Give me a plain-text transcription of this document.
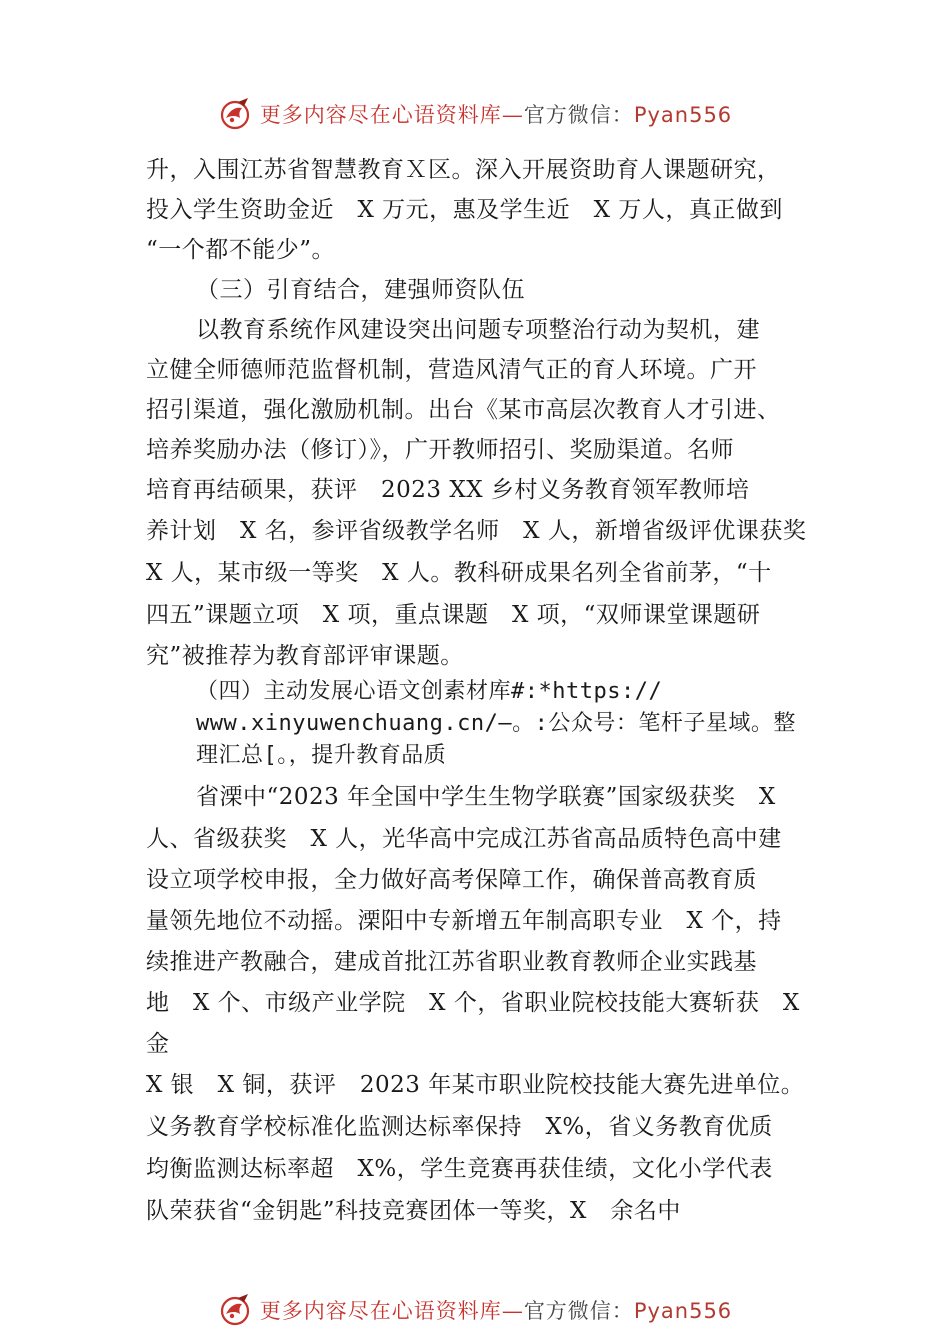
更多内容尽在心语资料库—官方微信：Pyan556
升，入围江苏省智慧教育Ｘ区。深入开展资助育人课题研究，
投入学生资助金近　X 万元，惠及学生近　X 万人，真正做到
“一个都不能少”。
（三）引育结合，建强师资队伍
以教育系统作风建设突出问题专项整治行动为契机，建
立健全师德师范监督机制，营造风清气正的育人环境。广开
招引渠道，强化激励机制。出台《某市高层次教育人才引进、
培养奖励办法（修订）》，广开教师招引、奖励渠道。名师
培育再结硕果，获评　2023 XX 乡村义务教育领军教师培
养计划　X 名，参评省级教学名师　X 人，新增省级评优课获奖
X 人，某市级一等奖　X 人。教科研成果名列全省前茅，“十
四五”课题立项　X 项，重点课题　X 项，“双师课堂课题研
究”被推荐为教育部评审课题。
（四）主动发展心语文创素材库#:*https://
www.xinyuwenchuang.cn/—。:公众号：笔杆子星域。整
理汇总[。，提升教育品质
省溧中“2023 年全国中学生生物学联赛”国家级获奖　X
人、省级获奖　X 人，光华高中完成江苏省高品质特色高中建
设立项学校申报，全力做好高考保障工作，确保普高教育质
量领先地位不动摇。溧阳中专新增五年制高职专业　X 个，持
续推进产教融合，建成首批江苏省职业教育教师企业实践基
地　X 个、市级产业学院　X 个，省职业院校技能大赛斩获　X
金
X 银　X 铜，获评　2023 年某市职业院校技能大赛先进单位。
义务教育学校标准化监测达标率保持　X%，省义务教育优质
均衡监测达标率超　X%，学生竞赛再获佳绩，文化小学代表
队荣获省“金钥匙”科技竞赛团体一等奖，X　余名中
更多内容尽在心语资料库—官方微信：Pyan556
